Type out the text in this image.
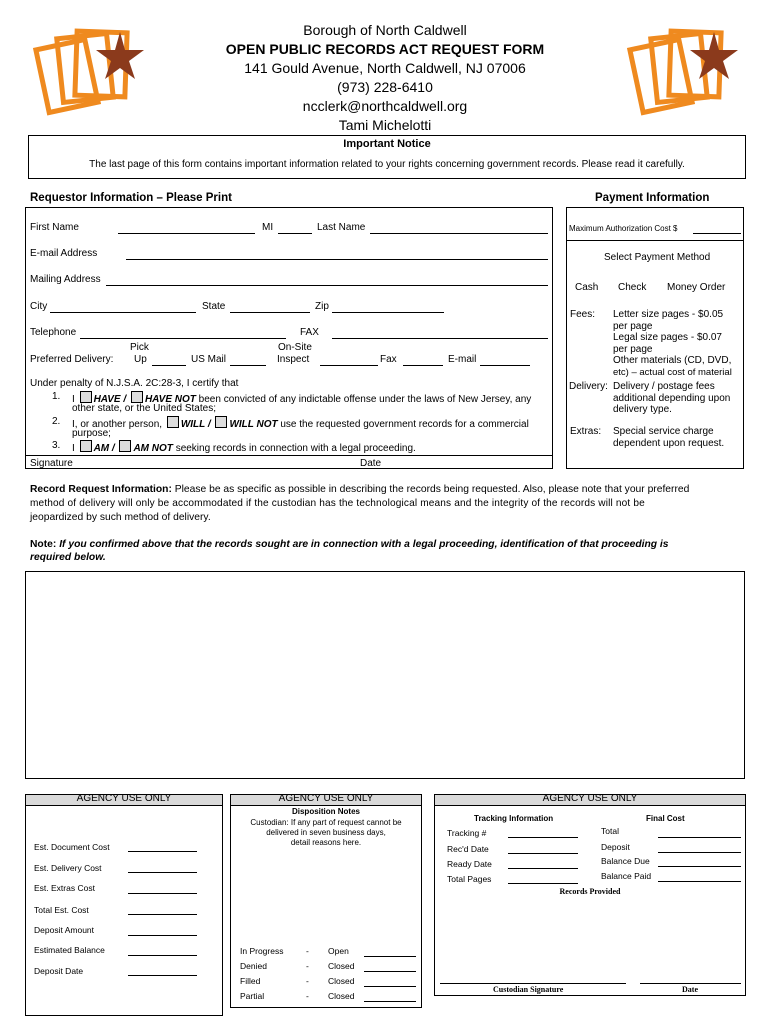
Borough of North Caldwell
OPEN PUBLIC RECORDS ACT REQUEST FORM
141 Gould Avenue, North Caldwell, NJ 07006
(973) 228-6410
ncclerk@northcaldwell.org
Tami Michelotti
Important Notice
The last page of this form contains important information related to your rights concerning government records. Please read it carefully.
Requestor Information – Please Print	Payment Information
First Name	MI	Last Name
E-mail Address
Mailing Address
City	State	Zip
Telephone	FAX
Pick	On-Site
Preferred Delivery: Up	US Mail	Inspect	Fax	E-mail
Under penalty of N.J.S.A. 2C:28-3, I certify that
1. I HAVE / HAVE NOT been convicted of any indictable offense under the laws of New Jersey, any
other state, or the United States;
2. I, or another person, WILL / WILL NOT use the requested government records for a commercial
purpose;
3. I AM / AM NOT seeking records in connection with a legal proceeding.
Signature	Date
Maximum Authorization Cost $
Select Payment Method
Cash Check Money Order
Fees: Letter size pages - $0.05
per page
Legal size pages - $0.07
per page
Other materials (CD, DVD,
etc) – actual cost of material
Delivery: Delivery / postage fees
additional depending upon
delivery type.
Extras: Special service charge
dependent upon request.
Record Request Information: Please be as specific as possible in describing the records being requested. Also, please note that your preferred
method of delivery will only be accommodated if the custodian has the technological means and the integrity of the records will not be
jeopardized by such method of delivery.
Note: If you confirmed above that the records sought are in connection with a legal proceeding, identification of that proceeding is
required below.
AGENCY USE ONLY
Est. Document Cost
Est. Delivery Cost
Est. Extras Cost
Total Est. Cost
Deposit Amount
Estimated Balance
Deposit Date
AGENCY USE ONLY
Disposition Notes
Custodian: If any part of request cannot be
delivered in seven business days,
detail reasons here.
In Progress	- Open
Denied	- Closed
Filled	- Closed
Partial	- Closed
AGENCY USE ONLY
Tracking Information	Final Cost
Tracking #
Rec'd Date
Ready Date
Total Pages
Total
Deposit
Balance Due
Balance Paid
Records Provided
Custodian Signature	Date
